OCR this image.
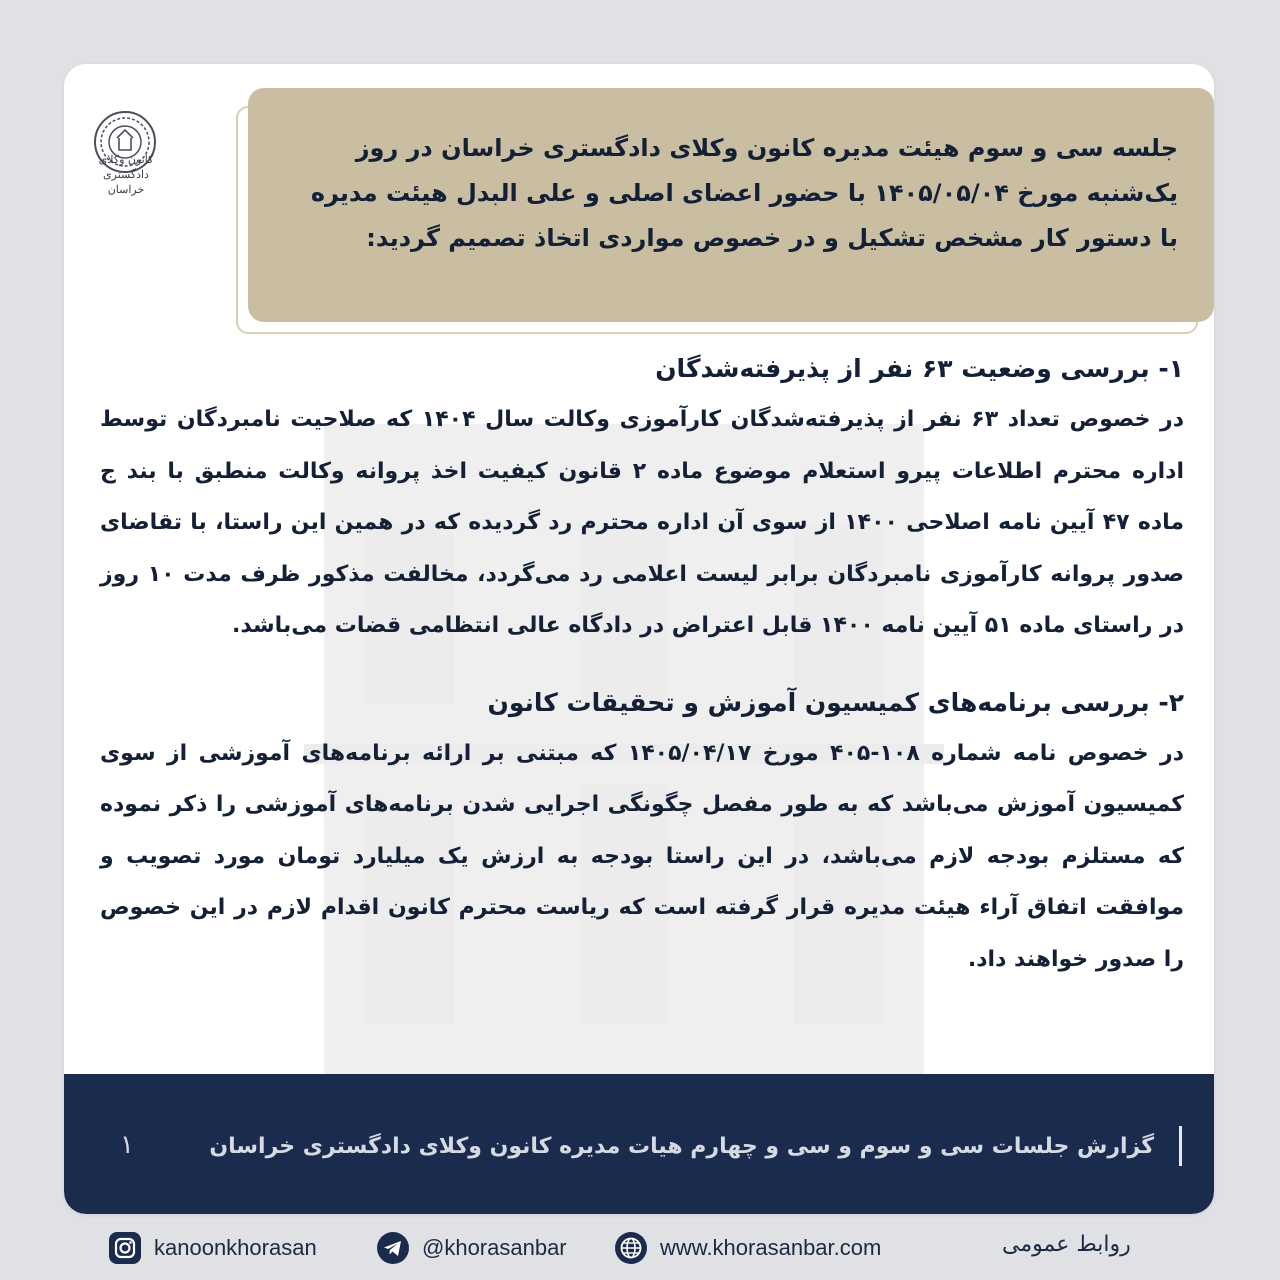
کانون وکلای دادگستری
خراسان

جلسه سی و سوم هیئت مدیره کانون وکلای دادگستری خراسان در روز یک‌شنبه مورخ ۱۴۰۵/۰۵/۰۴ با حضور اعضای اصلی و علی البدل هیئت مدیره با دستور کار مشخص تشکیل و در خصوص مواردی اتخاذ تصمیم گردید:

۱- بررسی وضعیت ۶۳ نفر از پذیرفته‌شدگان

در خصوص تعداد ۶۳ نفر از پذیرفته‌شدگان کارآموزی وکالت سال ۱۴۰۴ که صلاحیت نامبردگان توسط اداره محترم اطلاعات پیرو استعلام موضوع ماده ۲ قانون کیفیت اخذ پروانه وکالت منطبق با بند ج ماده ۴۷ آیین نامه اصلاحی ۱۴۰۰ از سوی آن اداره محترم رد گردیده که در همین این راستا، با تقاضای صدور پروانه کارآموزی نامبردگان برابر لیست اعلامی رد می‌گردد، مخالفت مذکور ظرف مدت ۱۰ روز در راستای ماده ۵۱ آیین نامه ۱۴۰۰ قابل اعتراض در دادگاه عالی انتظامی قضات می‌باشد.

۲- بررسی برنامه‌های کمیسیون آموزش و تحقیقات کانون

در خصوص نامه شماره ۱۰۸-۴۰۵ مورخ ۱۴۰۵/۰۴/۱۷ که مبتنی بر ارائه برنامه‌های آموزشی از سوی کمیسیون آموزش می‌باشد که به طور مفصل چگونگی اجرایی شدن برنامه‌های آموزشی را ذکر نموده که مستلزم بودجه لازم می‌باشد، در این راستا بودجه به ارزش یک میلیارد تومان مورد تصویب و موافقت اتفاق آراء هیئت مدیره قرار گرفته است که ریاست محترم کانون اقدام لازم در این خصوص را صدور خواهند داد.

گزارش جلسات سی و سوم و سی و چهارم هیات مدیره کانون وکلای دادگستری خراسان
۱
kanoonkhorasan	@khorasanbar	www.khorasanbar.com	روابط عمومی
